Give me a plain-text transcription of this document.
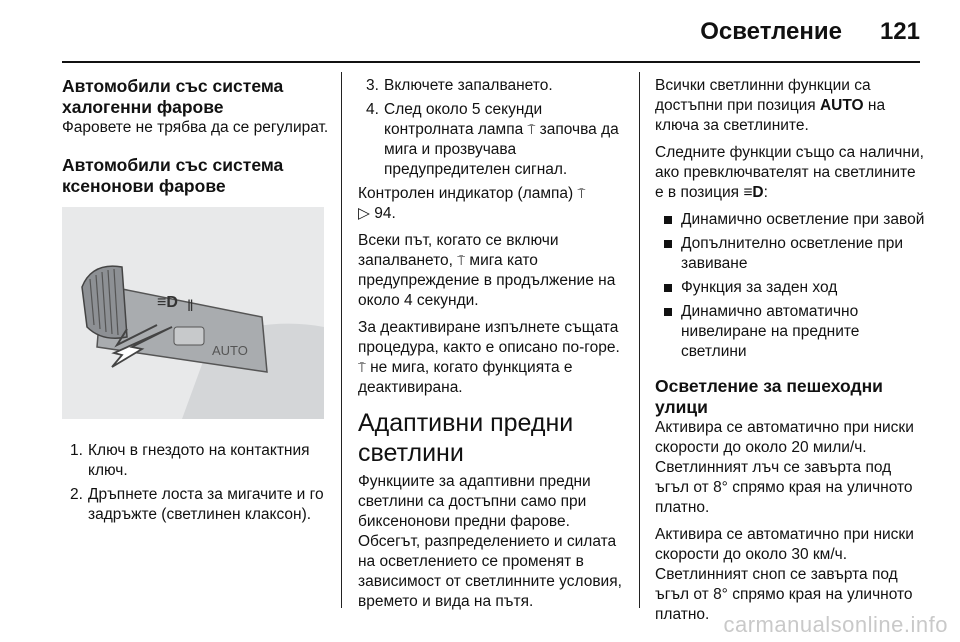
Осветление 121
Автомобили със система халогенни фарове

Фаровете не трябва да се регулират.

Автомобили със система ксенонови фарове
≡D ‖
AUTO
1. Ключ в гнездото на контактния ключ.
2. Дръпнете лоста за мигачите и го задръжте (светлинен клаксон).
3. Включете запалването.
4. След около 5 секунди контролната лампа ⍑ започва да мига и прозвучава предупредителен сигнал.

Контролен индикатор (лампа) ⍑
▷ 94.

Всеки път, когато се включи запалването, ⍑ мига като предупреждение в продължение на около 4 секунди.

За деактивиране изпълнете същата процедура, както е описано по-горе. ⍑ не мига, когато функцията е деактивирана.

Адаптивни предни светлини

Функциите за адаптивни предни светлини са достъпни само при биксенонови предни фарове. Обсегът, разпределението и силата на осветлението се променят в зависимост от светлинните условия, времето и вида на пътя.

Всички светлинни функции са достъпни при позиция AUTO на ключа за светлините.

Следните функции също са налични, ако превключвателят на светлините е в позиция ≡D:

Динамично осветление при завой
Допълнително осветление при завиване
Функция за заден ход
Динамично автоматично нивелиране на предните светлини
Осветление за пешеходни улици

Активира се автоматично при ниски скорости до около 20 мили/ч. Светлинният лъч се завърта под ъгъл от 8° спрямо края на уличното платно.

Активира се автоматично при ниски скорости до около 30 км/ч. Светлинният сноп се завърта под ъгъл от 8° спрямо края на уличното платно. carmanualsonline.info
